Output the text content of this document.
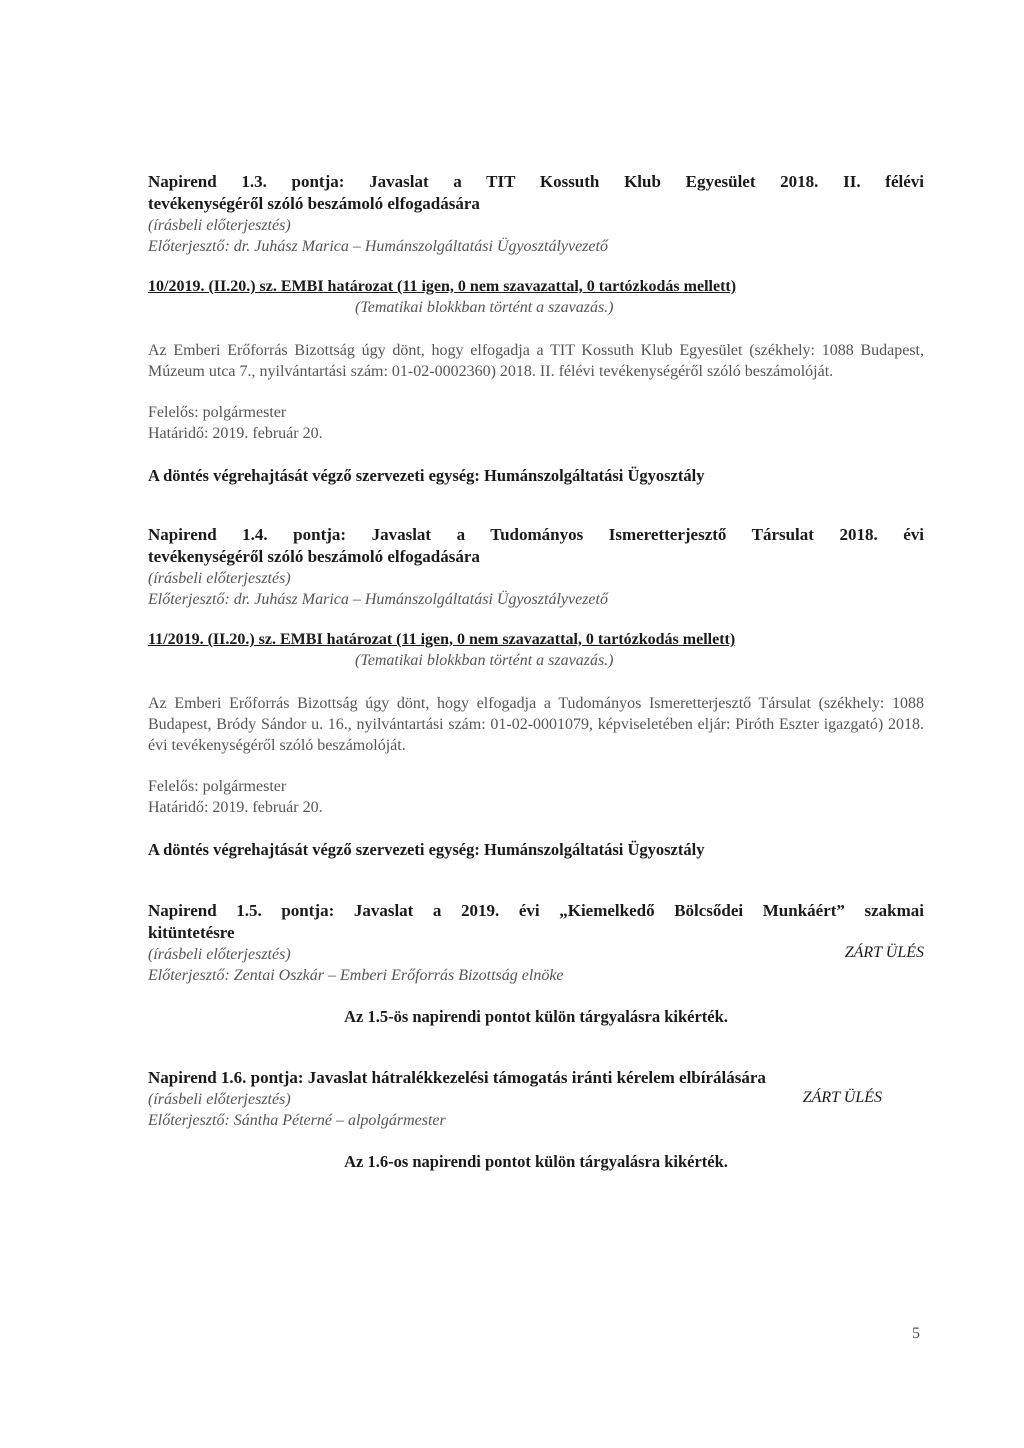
Napirend 1.3. pontja: Javaslat a TIT Kossuth Klub Egyesület 2018. II. félévi

tevékenységéről szóló beszámoló elfogadására

(írásbeli előterjesztés)

Előterjesztő: dr. Juhász Marica – Humánszolgáltatási Ügyosztályvezető

10/2019. (II.20.) sz. EMBI határozat (11 igen, 0 nem szavazattal, 0 tartózkodás mellett)

(Tematikai blokkban történt a szavazás.)

Az Emberi Erőforrás Bizottság úgy dönt, hogy elfogadja a TIT Kossuth Klub Egyesület (székhely: 1088 Budapest, Múzeum utca 7., nyilvántartási szám: 01-02-0002360) 2018. II. félévi tevékenységéről szóló beszámolóját.

Felelős: polgármester

Határidő: 2019. február 20.

A döntés végrehajtását végző szervezeti egység: Humánszolgáltatási Ügyosztály

Napirend 1.4. pontja: Javaslat a Tudományos Ismeretterjesztő Társulat 2018. évi

tevékenységéről szóló beszámoló elfogadására

(írásbeli előterjesztés)

Előterjesztő: dr. Juhász Marica – Humánszolgáltatási Ügyosztályvezető

11/2019. (II.20.) sz. EMBI határozat (11 igen, 0 nem szavazattal, 0 tartózkodás mellett)

(Tematikai blokkban történt a szavazás.)

Az Emberi Erőforrás Bizottság úgy dönt, hogy elfogadja a Tudományos Ismeretterjesztő Társulat (székhely: 1088 Budapest, Bródy Sándor u. 16., nyilvántartási szám: 01-02-0001079, képviseletében eljár: Piróth Eszter igazgató) 2018. évi tevékenységéről szóló beszámolóját.

Felelős: polgármester

Határidő: 2019. február 20.

A döntés végrehajtását végző szervezeti egység: Humánszolgáltatási Ügyosztály

Napirend 1.5. pontja: Javaslat a 2019. évi „Kiemelkedő Bölcsődei Munkáért” szakmai

kitüntetésre

(írásbeli előterjesztés)	ZÁRT ÜLÉS

Előterjesztő: Zentai Oszkár – Emberi Erőforrás Bizottság elnöke

Az 1.5-ös napirendi pontot külön tárgyalásra kikérték.

Napirend 1.6. pontja: Javaslat hátralékkezelési támogatás iránti kérelem elbírálására

(írásbeli előterjesztés)	ZÁRT ÜLÉS

Előterjesztő: Sántha Péterné – alpolgármester

Az 1.6-os napirendi pontot külön tárgyalásra kikérték.

5
